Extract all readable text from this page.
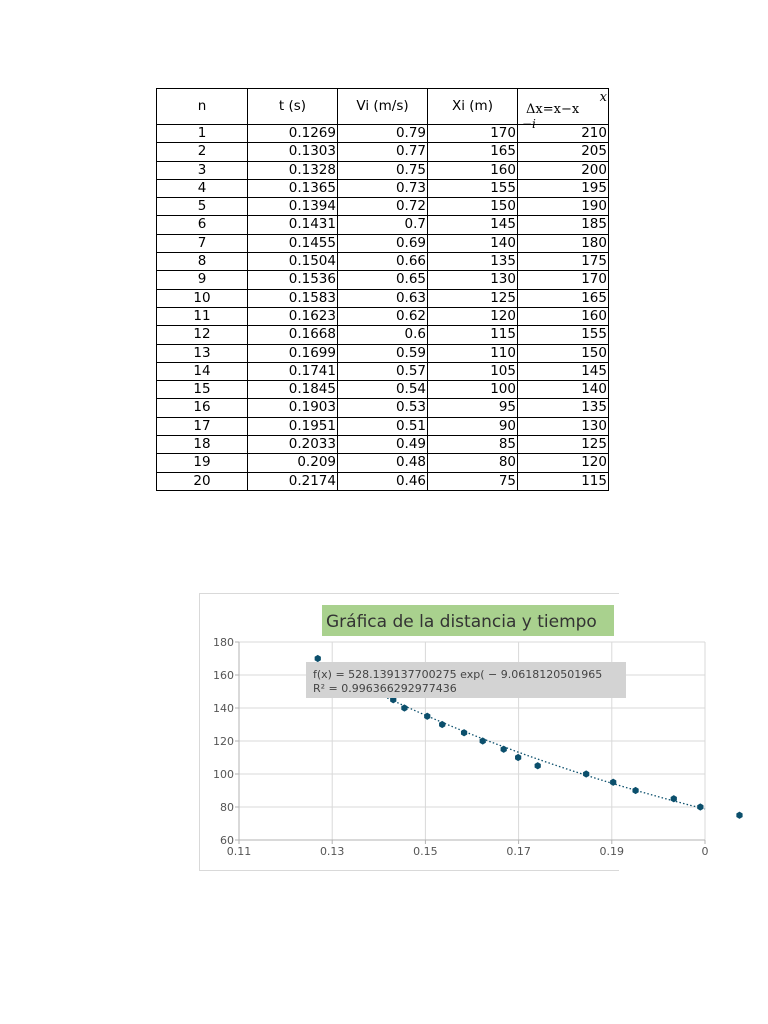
n	t (s)	Vi (m/s)	Xi (m)	Δx=x−x
x
−i

1	0.1269	0.79	170	210
2	0.1303	0.77	165	205
3	0.1328	0.75	160	200
4	0.1365	0.73	155	195
5	0.1394	0.72	150	190
6	0.1431	0.7	145	185
7	0.1455	0.69	140	180
8	0.1504	0.66	135	175
9	0.1536	0.65	130	170
10	0.1583	0.63	125	165
11	0.1623	0.62	120	160
12	0.1668	0.6	115	155
13	0.1699	0.59	110	150
14	0.1741	0.57	105	145
15	0.1845	0.54	100	140
16	0.1903	0.53	95	135
17	0.1951	0.51	90	130
18	0.2033	0.49	85	125
19	0.209	0.48	80	120
20	0.2174	0.46	75	115
60
80
100
120
140
160
180
0.11	0.13	0.15	0.17	0.19	0
f(x) = 528.139137700275 exp( − 9.0618120501965
R² = 0.996366292977436
Gráfica de la distancia y tiempo
